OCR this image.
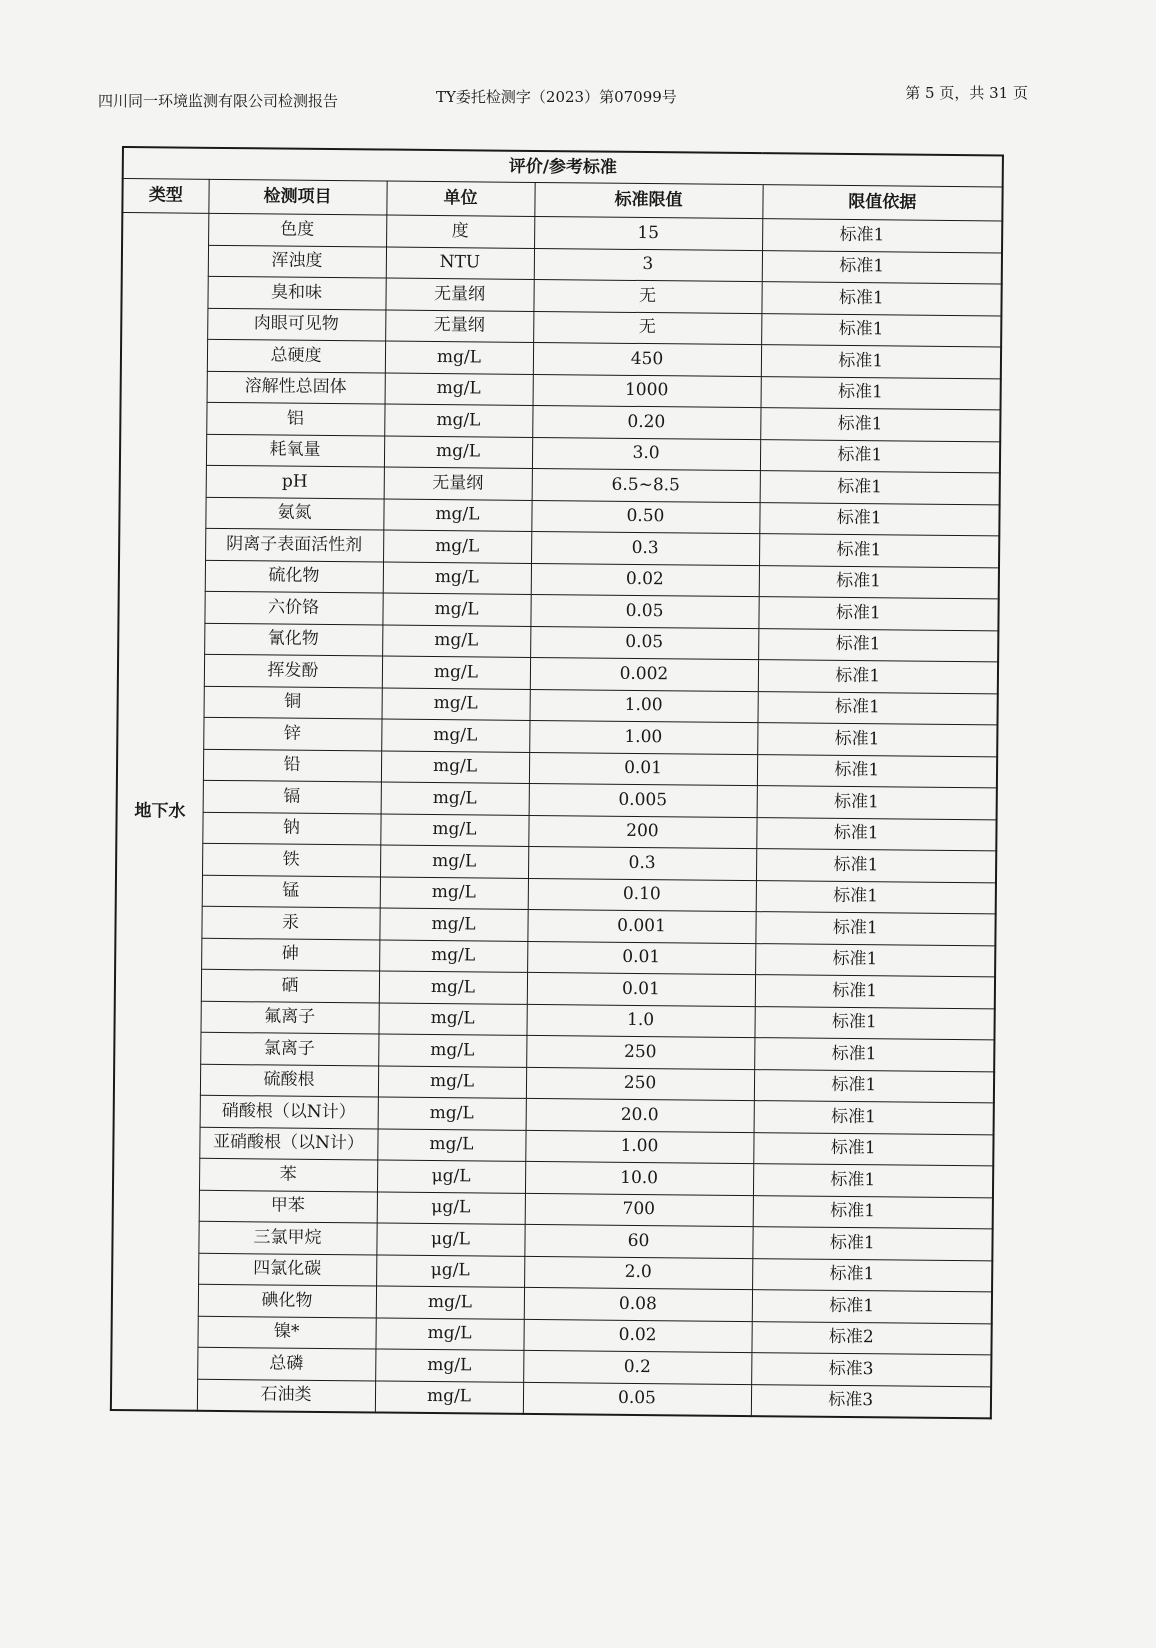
四川同一环境监测有限公司检测报告	TY委托检测字（2023）第07099号	第 5 页，共 31 页
评价/参考标准				
类型	检测项目	单位	标准限值	限值依据
地下水	色度	度	15	标准1
	浑浊度	NTU	3	标准1
	臭和味	无量纲	无	标准1
	肉眼可见物	无量纲	无	标准1
	总硬度	mg/L	450	标准1
	溶解性总固体	mg/L	1000	标准1
	铝	mg/L	0.20	标准1
	耗氧量	mg/L	3.0	标准1
	pH	无量纲	6.5~8.5	标准1
	氨氮	mg/L	0.50	标准1
	阴离子表面活性剂	mg/L	0.3	标准1
	硫化物	mg/L	0.02	标准1
	六价铬	mg/L	0.05	标准1
	氰化物	mg/L	0.05	标准1
	挥发酚	mg/L	0.002	标准1
	铜	mg/L	1.00	标准1
	锌	mg/L	1.00	标准1
	铅	mg/L	0.01	标准1
	镉	mg/L	0.005	标准1
	钠	mg/L	200	标准1
	铁	mg/L	0.3	标准1
	锰	mg/L	0.10	标准1
	汞	mg/L	0.001	标准1
	砷	mg/L	0.01	标准1
	硒	mg/L	0.01	标准1
	氟离子	mg/L	1.0	标准1
	氯离子	mg/L	250	标准1
	硫酸根	mg/L	250	标准1
	硝酸根（以N计）	mg/L	20.0	标准1
	亚硝酸根（以N计）	mg/L	1.00	标准1
	苯	μg/L	10.0	标准1
	甲苯	μg/L	700	标准1
	三氯甲烷	μg/L	60	标准1
	四氯化碳	μg/L	2.0	标准1
	碘化物	mg/L	0.08	标准1
	镍*	mg/L	0.02	标准2
	总磷	mg/L	0.2	标准3
	石油类	mg/L	0.05	标准3
